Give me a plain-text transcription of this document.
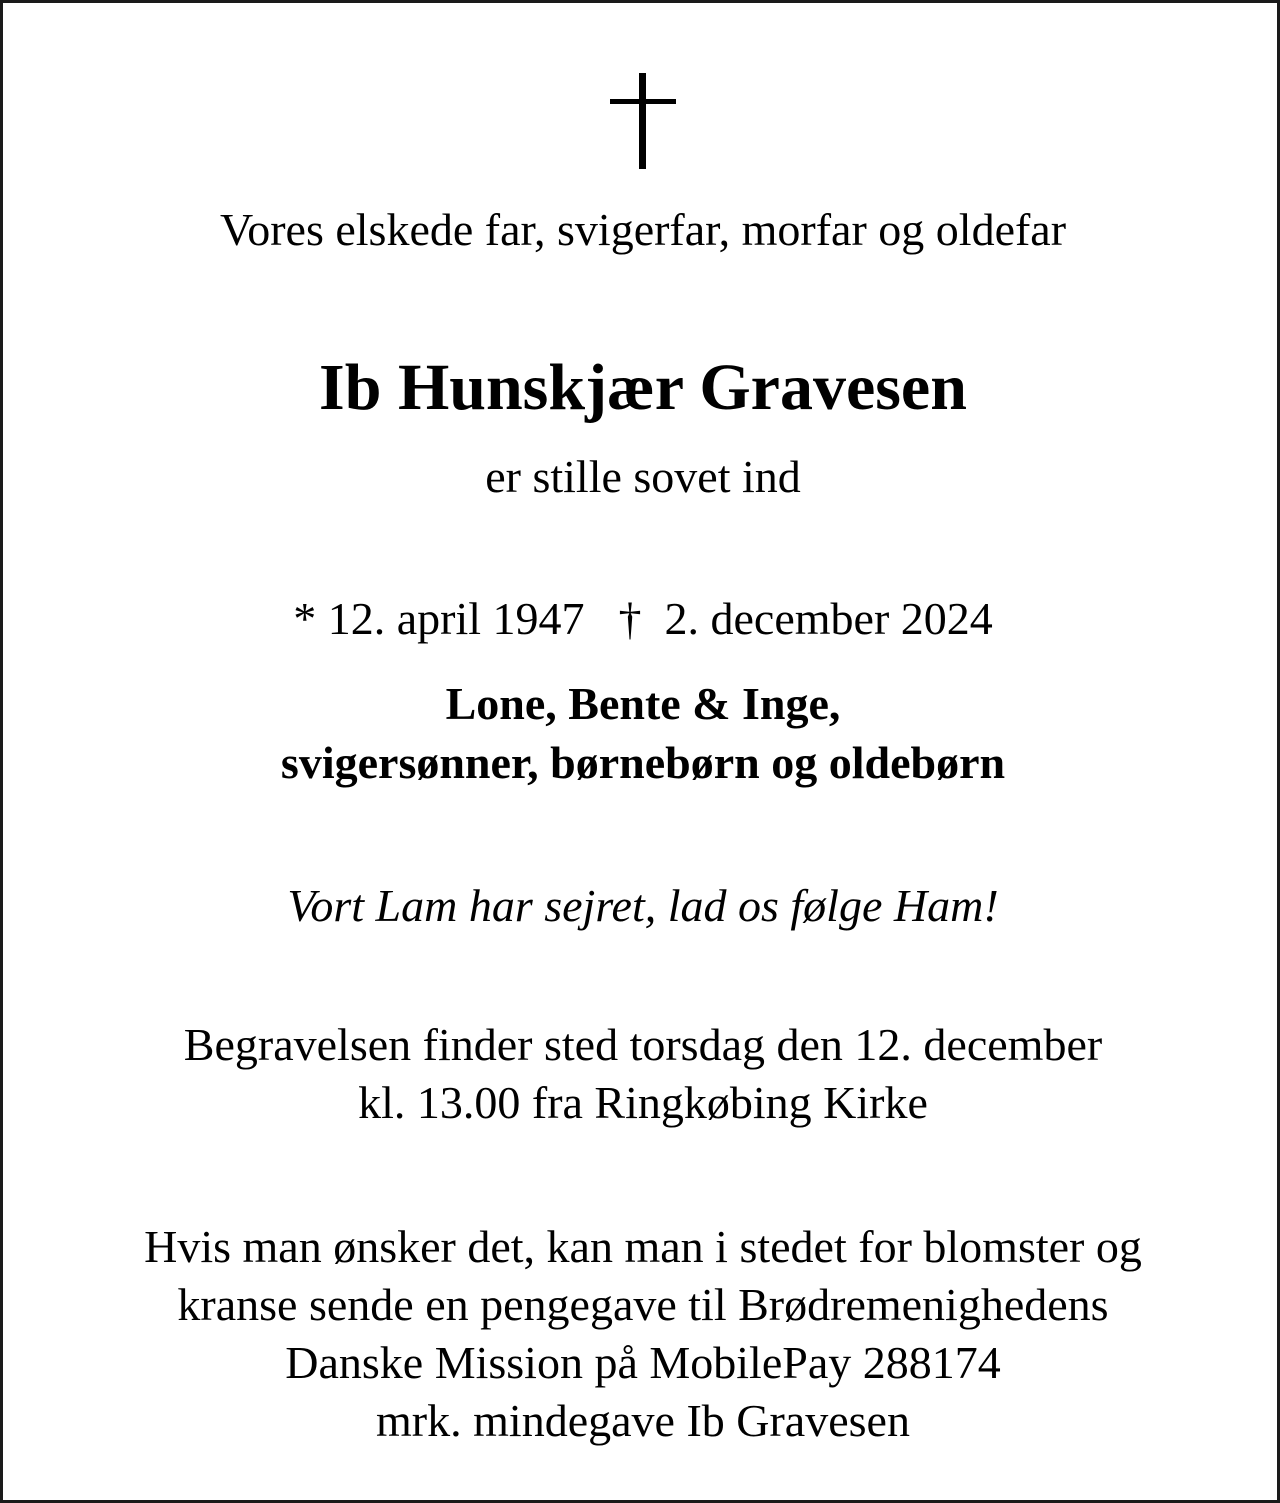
Vores elskede far, svigerfar, morfar og oldefar
Ib Hunskjær Gravesen
er stille sovet ind
* 12. april 1947 † 2. december 2024
Lone, Bente & Inge,
svigersønner, børnebørn og oldebørn
Vort Lam har sejret, lad os følge Ham!
Begravelsen finder sted torsdag den 12. december
kl. 13.00 fra Ringkøbing Kirke
Hvis man ønsker det, kan man i stedet for blomster og
kranse sende en pengegave til Brødremenighedens
Danske Mission på MobilePay 288174
mrk. mindegave Ib Gravesen
